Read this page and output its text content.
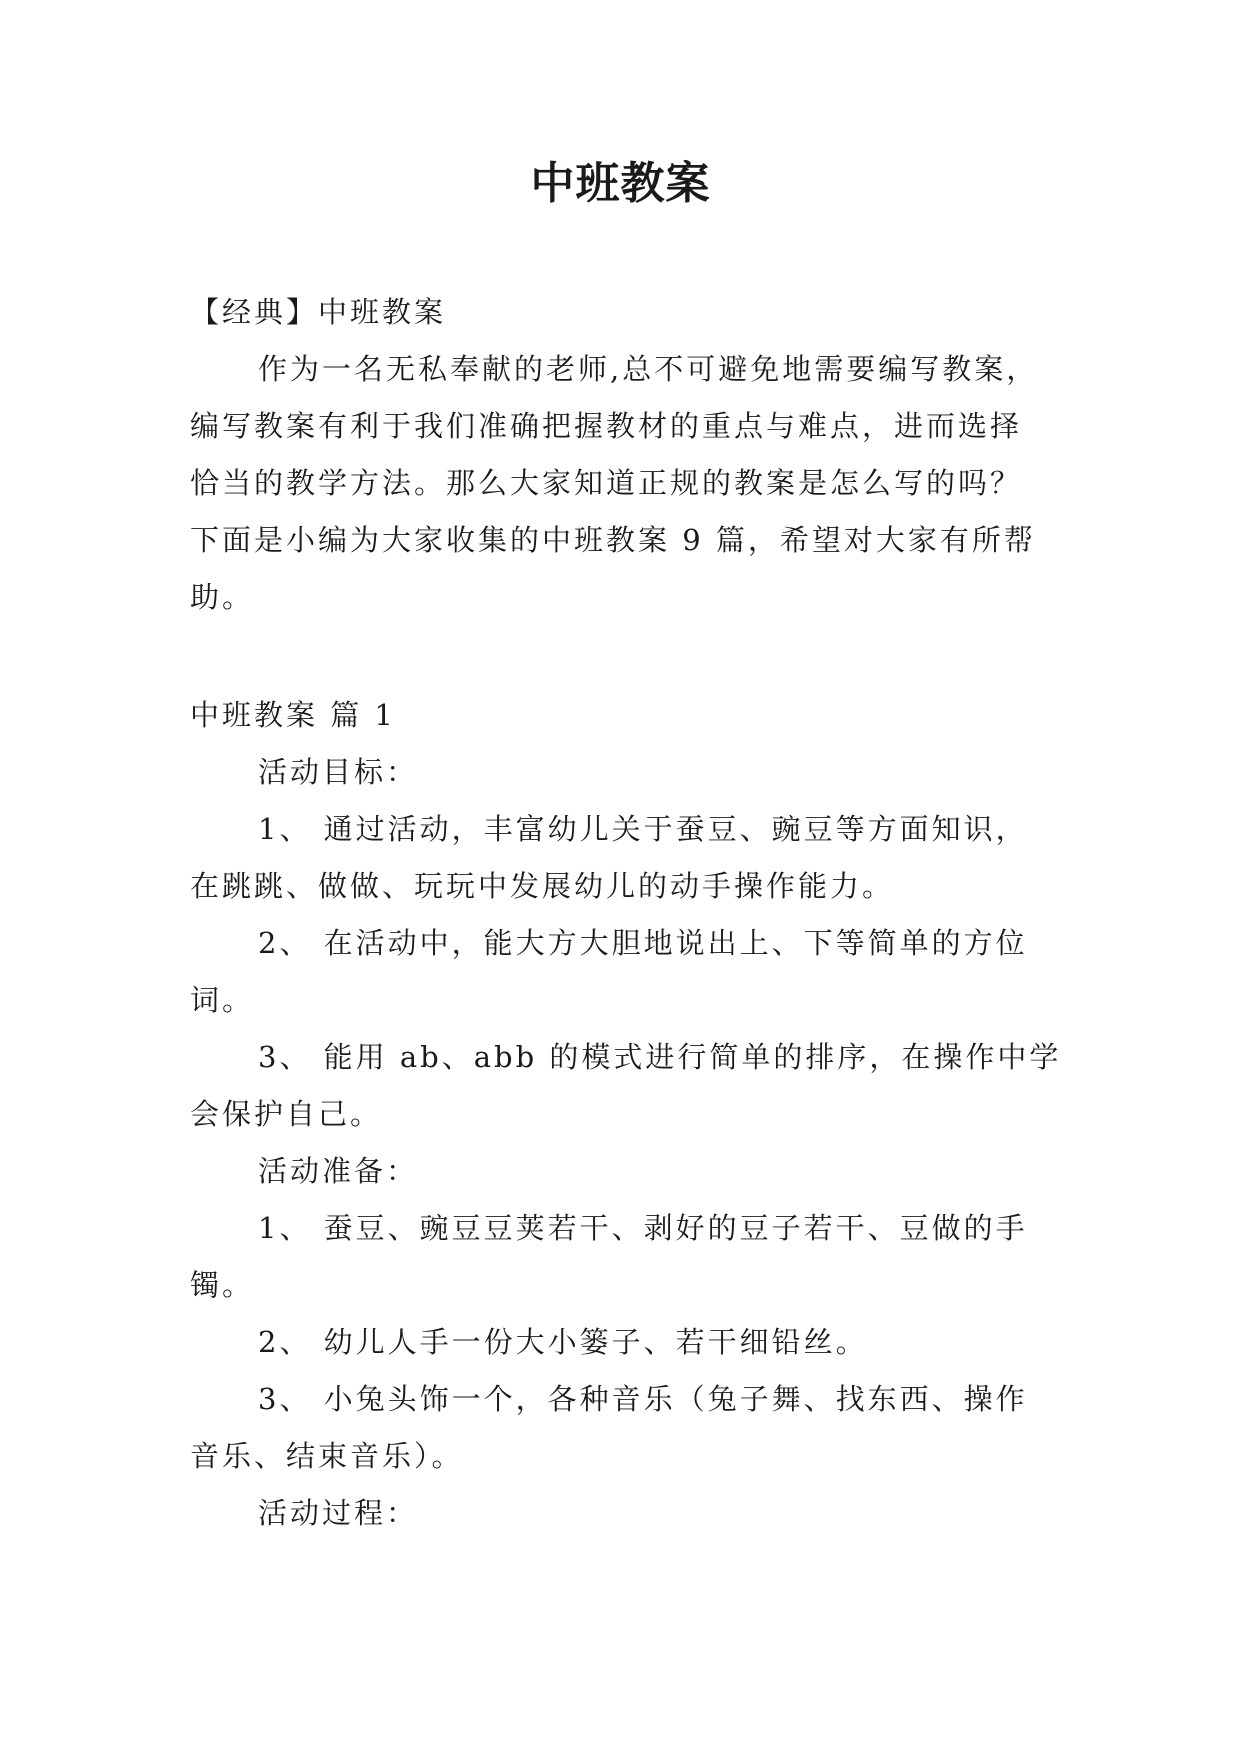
中班教案
【经典】中班教案
作为一名无私奉献的老师,总不可避免地需要编写教案，
编写教案有利于我们准确把握教材的重点与难点，进而选择
恰当的教学方法。那么大家知道正规的教案是怎么写的吗？
下面是小编为大家收集的中班教案 9 篇，希望对大家有所帮
助。
中班教案 篇 1
活动目标：
1、 通过活动，丰富幼儿关于蚕豆、豌豆等方面知识，
在跳跳、做做、玩玩中发展幼儿的动手操作能力。
2、 在活动中，能大方大胆地说出上、下等简单的方位
词。
3、 能用 ab、abb 的模式进行简单的排序，在操作中学
会保护自己。
活动准备：
1、 蚕豆、豌豆豆荚若干、剥好的豆子若干、豆做的手
镯。
2、 幼儿人手一份大小篓子、若干细铅丝。
3、 小兔头饰一个，各种音乐（兔子舞、找东西、操作
音乐、结束音乐）。
活动过程：
